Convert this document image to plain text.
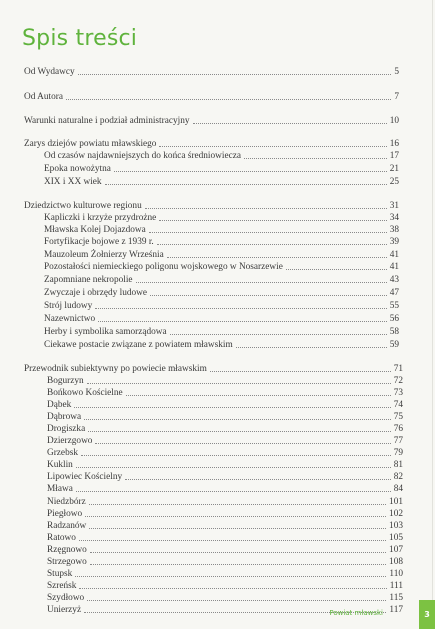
Spis treści
Od Wydawcy	5
Od Autora	7
Warunki naturalne i podział administracyjny	10
Zarys dziejów powiatu mławskiego	16
Od czasów najdawniejszych do końca średniowiecza	17
Epoka nowożytna	21
XIX i XX wiek	25
Dziedzictwo kulturowe regionu	31
Kapliczki i krzyże przydrożne	34
Mławska Kolej Dojazdowa	38
Fortyfikacje bojowe z 1939 r.	39
Mauzoleum Żołnierzy Września	41
Pozostałości niemieckiego poligonu wojskowego w Nosarzewie	41
Zapomniane nekropolie	43
Zwyczaje i obrzędy ludowe	47
Strój ludowy	55
Nazewnictwo	56
Herby i symbolika samorządowa	58
Ciekawe postacie związane z powiatem mławskim	59
Przewodnik subiektywny po powiecie mławskim	71
Bogurzyn	72
Bońkowo Kościelne	73
Dąbek	74
Dąbrowa	75
Drogiszka	76
Dzierzgowo	77
Grzebsk	79
Kuklin	81
Lipowiec Kościelny	82
Mława	84
Niedzbórz	101
Piegłowo	102
Radzanów	103
Ratowo	105
Rzęgnowo	107
Strzegowo	108
Stupsk	110
Szreńsk	111
Szydłowo	115
Unierzyż	117
Powiat mławski	3
